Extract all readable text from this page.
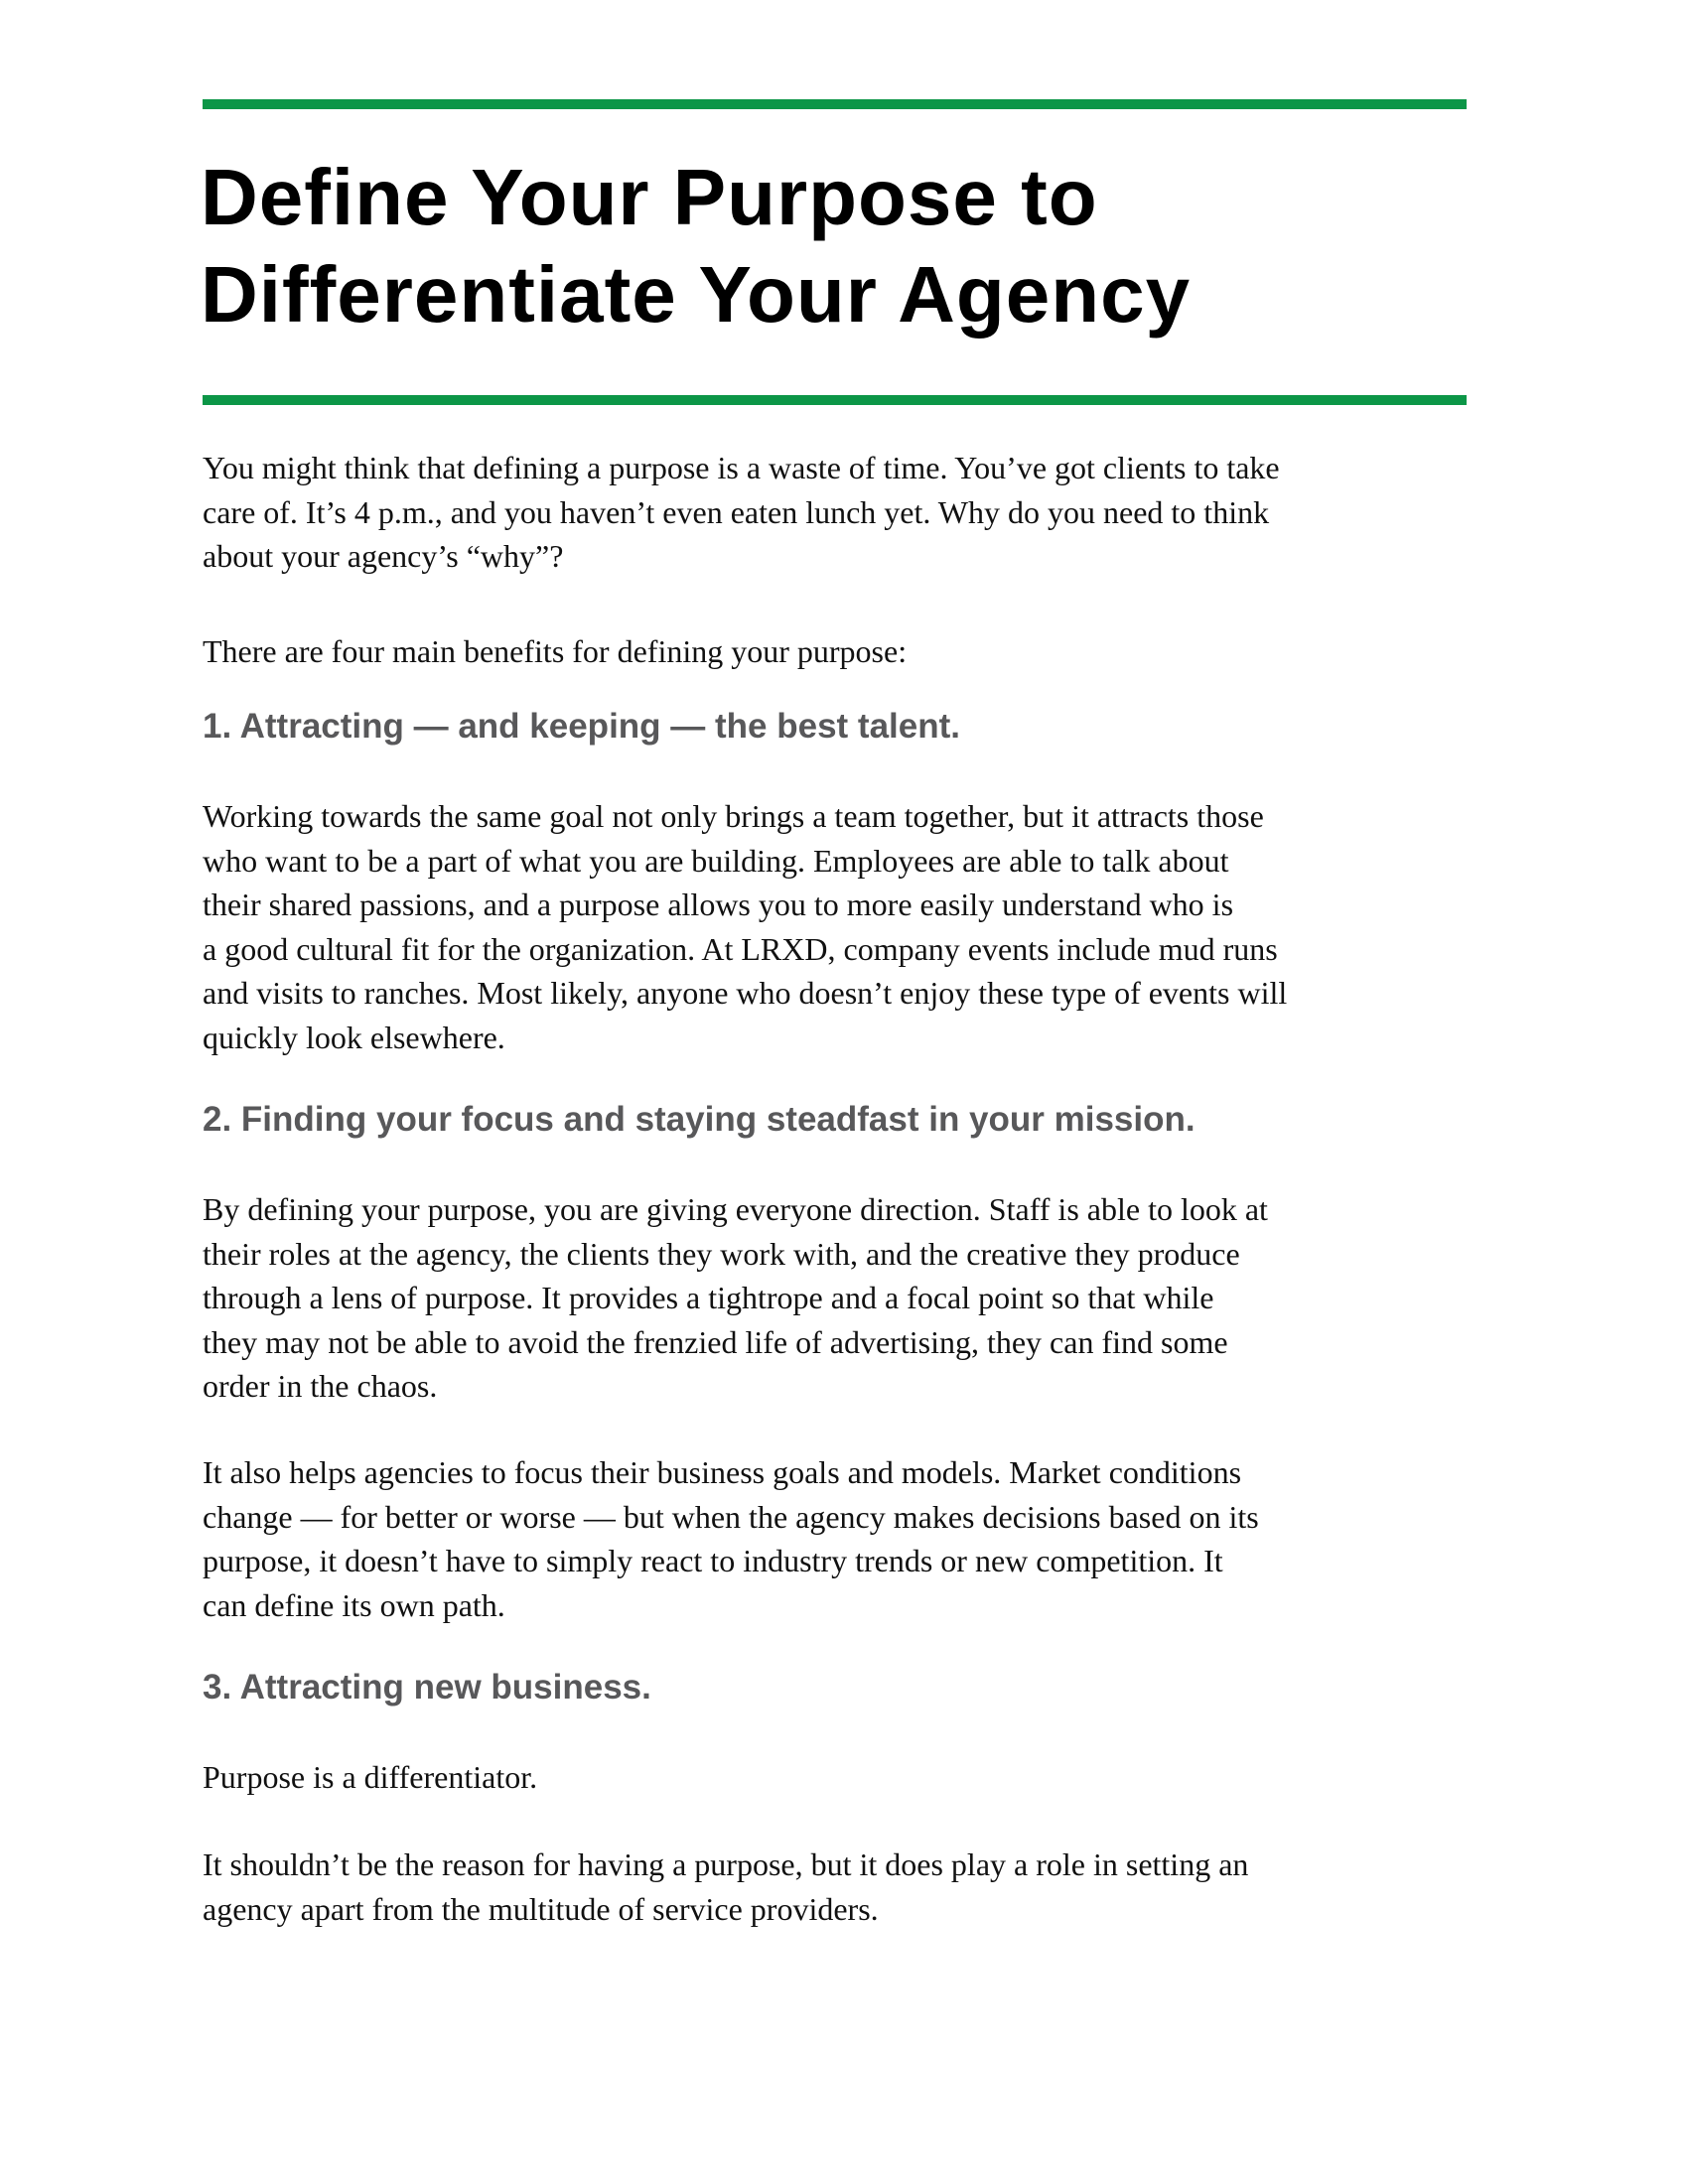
Define Your Purpose to
Differentiate Your Agency
You might think that defining a purpose is a waste of time. You’ve got clients to take
care of. It’s 4 p.m., and you haven’t even eaten lunch yet. Why do you need to think
about your agency’s “why”?
There are four main benefits for defining your purpose:
1. Attracting — and keeping — the best talent.
Working towards the same goal not only brings a team together, but it attracts those
who want to be a part of what you are building. Employees are able to talk about
their shared passions, and a purpose allows you to more easily understand who is
a good cultural fit for the organization. At LRXD, company events include mud runs
and visits to ranches. Most likely, anyone who doesn’t enjoy these type of events will
quickly look elsewhere.
2. Finding your focus and staying steadfast in your mission.
By defining your purpose, you are giving everyone direction. Staff is able to look at
their roles at the agency, the clients they work with, and the creative they produce
through a lens of purpose. It provides a tightrope and a focal point so that while
they may not be able to avoid the frenzied life of advertising, they can find some
order in the chaos.
It also helps agencies to focus their business goals and models. Market conditions
change — for better or worse — but when the agency makes decisions based on its
purpose, it doesn’t have to simply react to industry trends or new competition. It
can define its own path.
3. Attracting new business.
Purpose is a differentiator.
It shouldn’t be the reason for having a purpose, but it does play a role in setting an
agency apart from the multitude of service providers.
